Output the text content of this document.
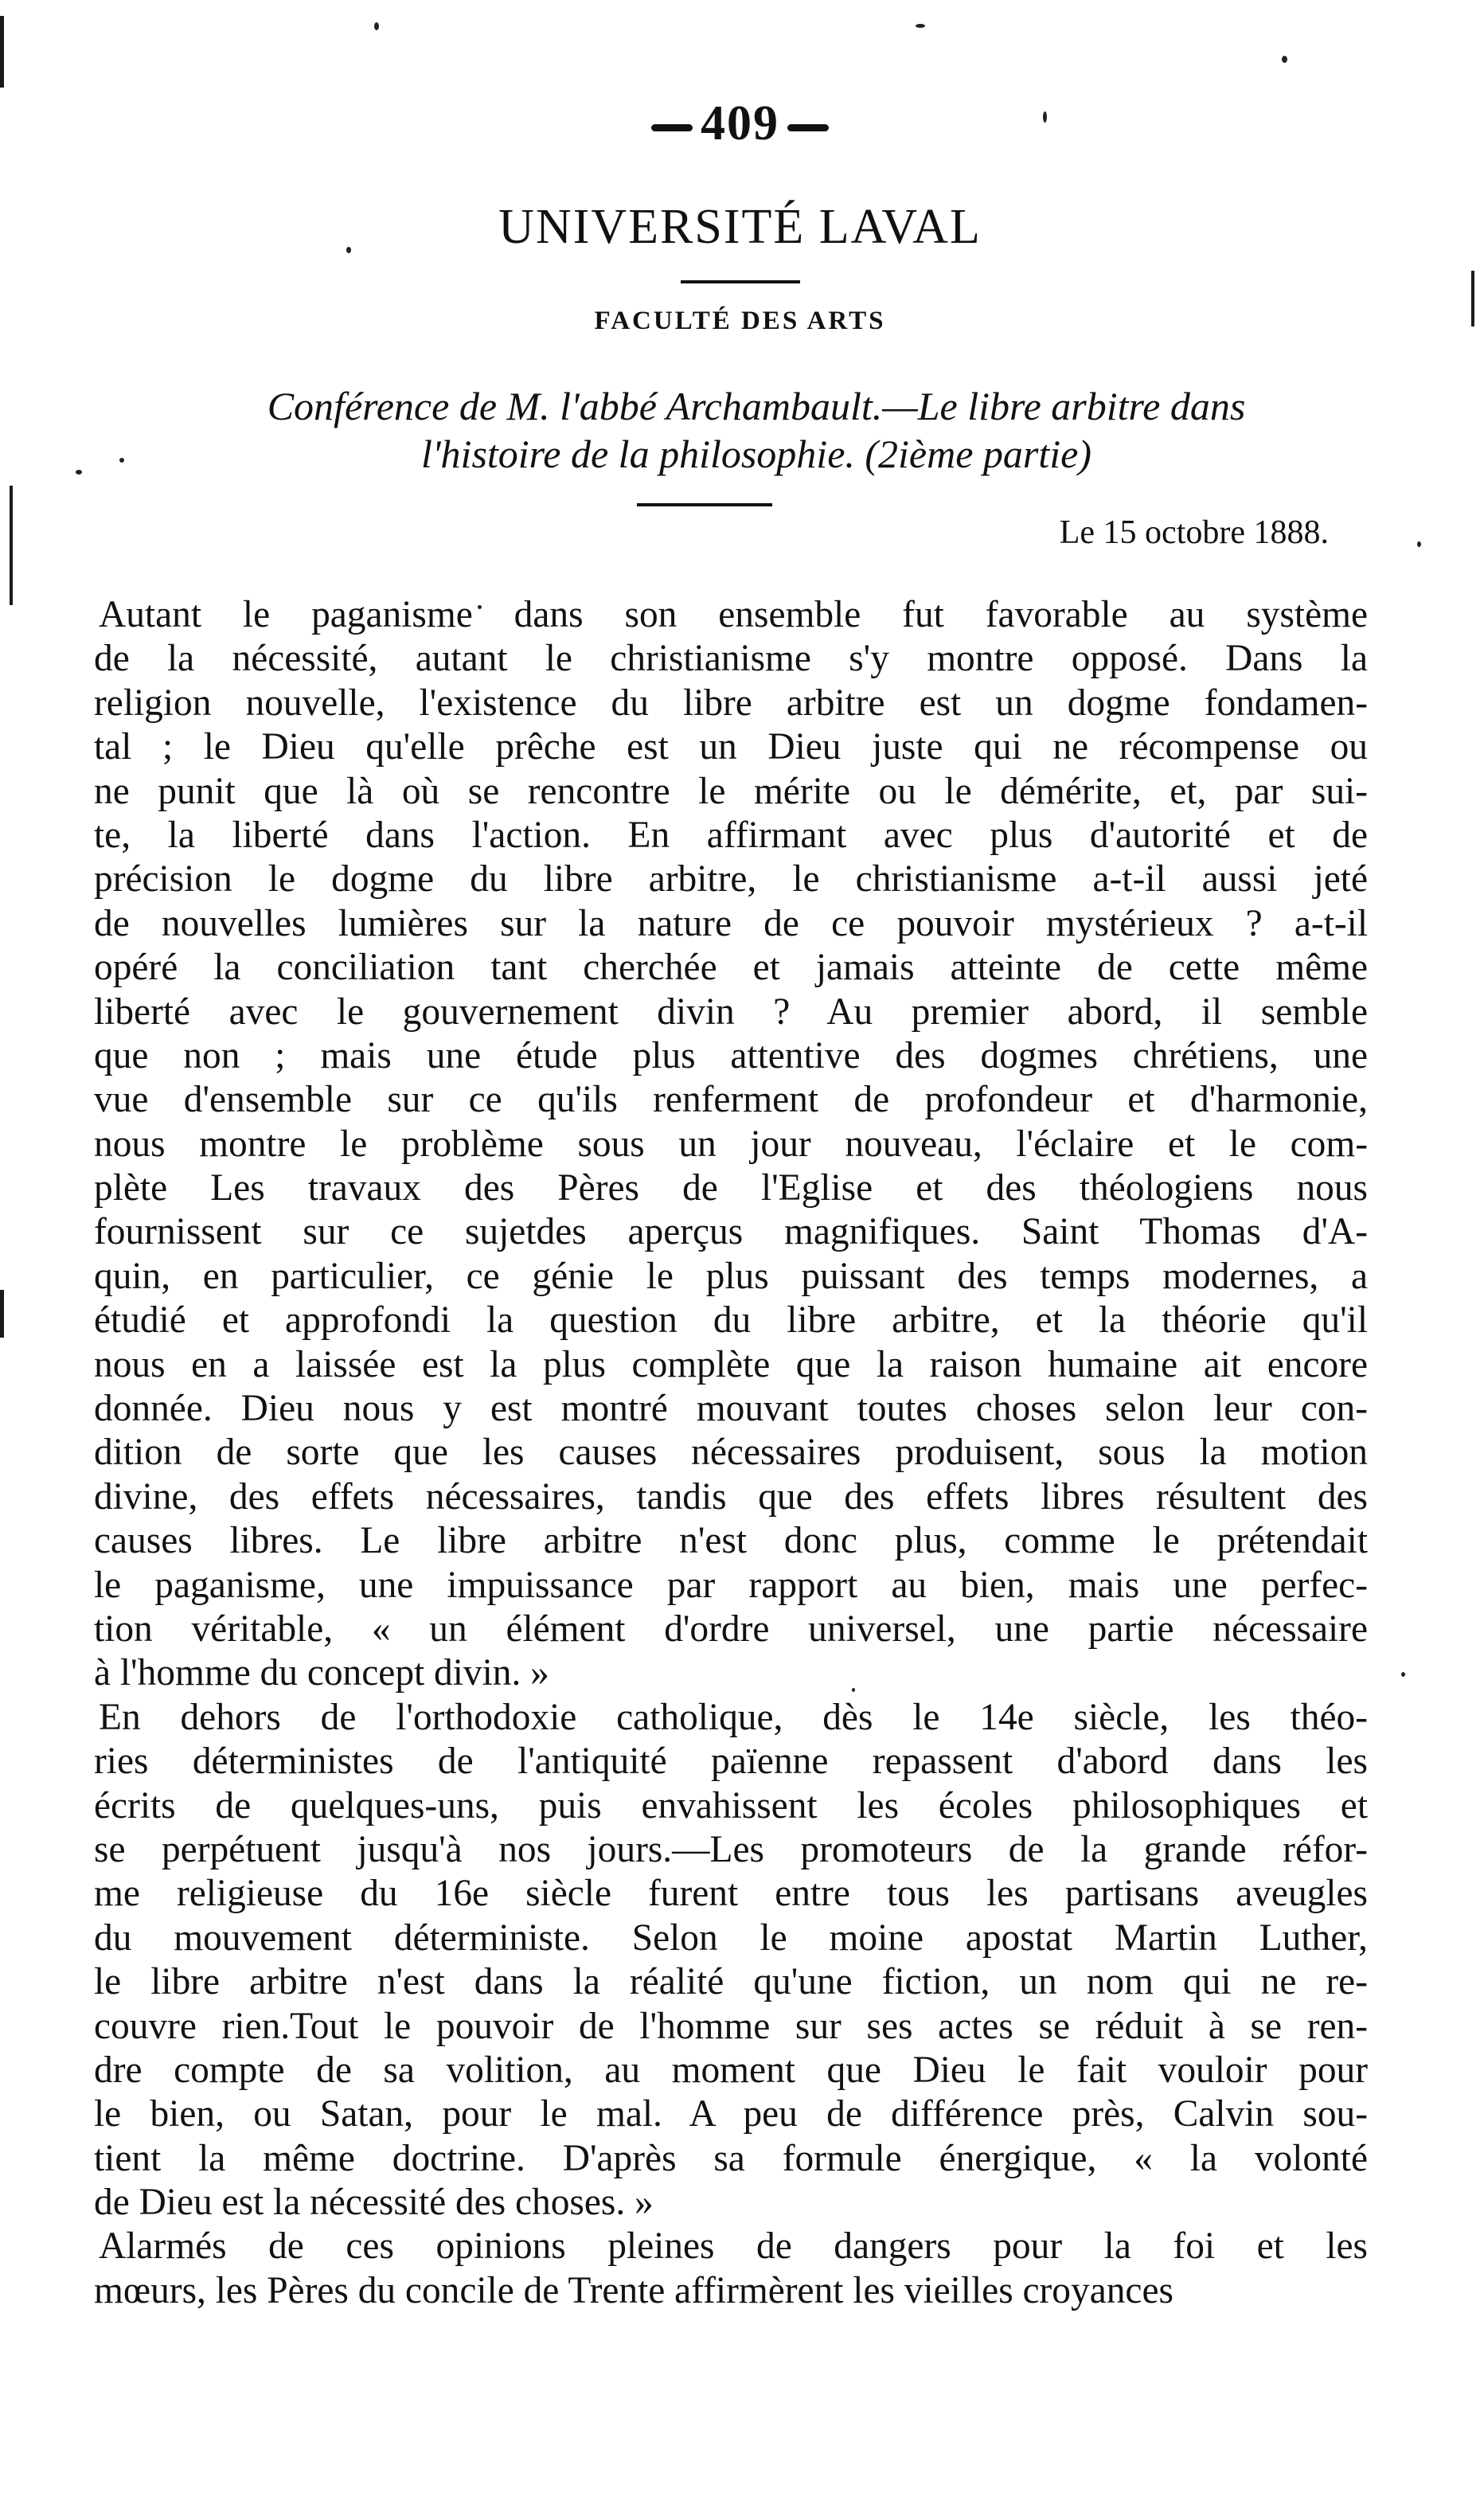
409
UNIVERSITÉ LAVAL
FACULTÉ DES ARTS
Conférence de M. l'abbé Archambault.—Le libre arbitre dans
l'histoire de la philosophie. (2ième partie)
Le 15 octobre 1888.
Autant le paganisme dans son ensemble fut favorable au système
de la nécessité, autant le christianisme s'y montre opposé. Dans la
religion nouvelle, l'existence du libre arbitre est un dogme fondamen-
tal ; le Dieu qu'elle prêche est un Dieu juste qui ne récompense ou
ne punit que là où se rencontre le mérite ou le démérite, et, par sui-
te, la liberté dans l'action. En affirmant avec plus d'autorité et de
précision le dogme du libre arbitre, le christianisme a-t-il aussi jeté
de nouvelles lumières sur la nature de ce pouvoir mystérieux ? a-t-il
opéré la conciliation tant cherchée et jamais atteinte de cette même
liberté avec le gouvernement divin ? Au premier abord, il semble
que non ; mais une étude plus attentive des dogmes chrétiens, une
vue d'ensemble sur ce qu'ils renferment de profondeur et d'harmonie,
nous montre le problème sous un jour nouveau, l'éclaire et le com-
plète Les travaux des Pères de l'Eglise et des théologiens nous
fournissent sur ce sujetdes aperçus magnifiques. Saint Thomas d'A-
quin, en particulier, ce génie le plus puissant des temps modernes, a
étudié et approfondi la question du libre arbitre, et la théorie qu'il
nous en a laissée est la plus complète que la raison humaine ait encore
donnée. Dieu nous y est montré mouvant toutes choses selon leur con-
dition de sorte que les causes nécessaires produisent, sous la motion
divine, des effets nécessaires, tandis que des effets libres résultent des
causes libres. Le libre arbitre n'est donc plus, comme le prétendait
le paganisme, une impuissance par rapport au bien, mais une perfec-
tion véritable, « un élément d'ordre universel, une partie nécessaire
à l'homme du concept divin. »
En dehors de l'orthodoxie catholique, dès le 14e siècle, les théo-
ries déterministes de l'antiquité païenne repassent d'abord dans les
écrits de quelques-uns, puis envahissent les écoles philosophiques et
se perpétuent jusqu'à nos jours.—Les promoteurs de la grande réfor-
me religieuse du 16e siècle furent entre tous les partisans aveugles
du mouvement déterministe. Selon le moine apostat Martin Luther,
le libre arbitre n'est dans la réalité qu'une fiction, un nom qui ne re-
couvre rien.Tout le pouvoir de l'homme sur ses actes se réduit à se ren-
dre compte de sa volition, au moment que Dieu le fait vouloir pour
le bien, ou Satan, pour le mal. A peu de différence près, Calvin sou-
tient la même doctrine. D'après sa formule énergique, « la volonté
de Dieu est la nécessité des choses. »
Alarmés de ces opinions pleines de dangers pour la foi et les
mœurs, les Pères du concile de Trente affirmèrent les vieilles croyances
